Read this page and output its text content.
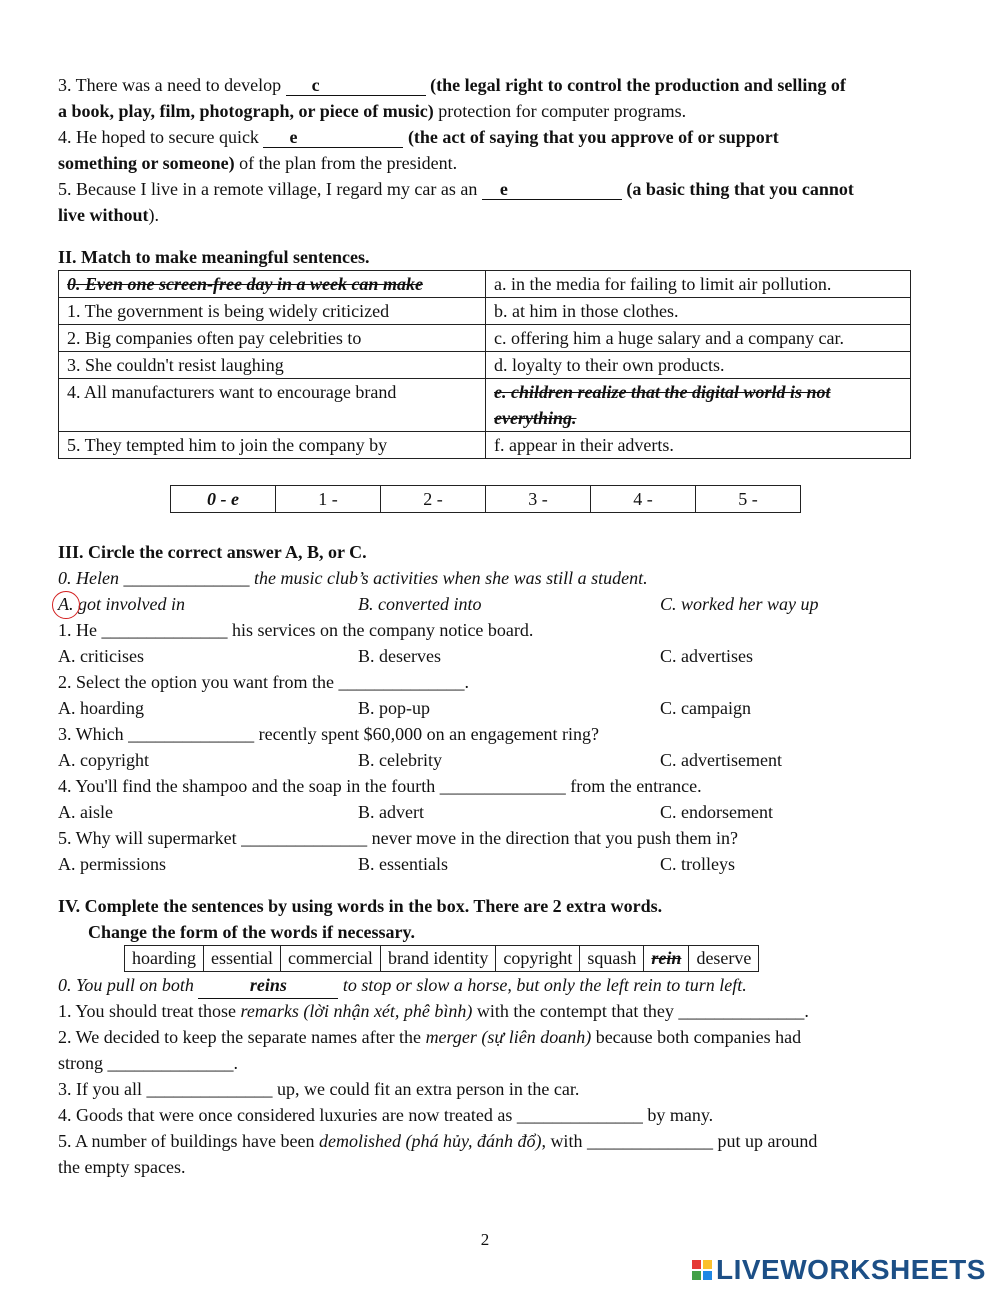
3. There was a need to develop c	(the legal right to control the production and selling of
a book, play, film, photograph, or piece of music) protection for computer programs.
4. He hoped to secure quick e	(the act of saying that you approve of or support
something or someone) of the plan from the president.
5. Because I live in a remote village, I regard my car as an e	(a basic thing that you cannot
live without).
II. Match to make meaningful sentences.
0. Even one screen-free day in a week can make	a. in the media for failing to limit air pollution.
1. The government is being widely criticized	b. at him in those clothes.
2. Big companies often pay celebrities to	c. offering him a huge salary and a company car.
3. She couldn't resist laughing	d. loyalty to their own products.
4. All manufacturers want to encourage brand	e. children realize that the digital world is not
everything.
5. They tempted him to join the company by	f. appear in their adverts.
0 - e	1 -	2 -	3 -	4 -	5 -
III. Circle the correct answer A, B, or C.
0. Helen ______________ the music club’s activities when she was still a student.
A. got involved in	B. converted into	C. worked her way up
1. He ______________ his services on the company notice board.
A. criticises	B. deserves	C. advertises
2. Select the option you want from the ______________.
A. hoarding	B. pop-up	C. campaign
3. Which ______________ recently spent $60,000 on an engagement ring?
A. copyright	B. celebrity	C. advertisement
4. You'll find the shampoo and the soap in the fourth ______________ from the entrance.
A. aisle	B. advert	C. endorsement
5. Why will supermarket ______________ never move in the direction that you push them in?
A. permissions	B. essentials	C. trolleys
IV. Complete the sentences by using words in the box. There are 2 extra words.
Change the form of the words if necessary.
hoarding	essential	commercial	brand identity	copyright	squash	rein	deserve
0. You pull on both	reins	to stop or slow a horse, but only the left rein to turn left.
1. You should treat those remarks (lời nhận xét, phê bình) with the contempt that they ______________.
2. We decided to keep the separate names after the merger (sự liên doanh) because both companies had
strong ______________.
3. If you all ______________ up, we could fit an extra person in the car.
4. Goods that were once considered luxuries are now treated as ______________ by many.
5. A number of buildings have been demolished (phá hủy, đánh đổ), with ______________ put up around
the empty spaces.
2
LIVEWORKSHEETS
